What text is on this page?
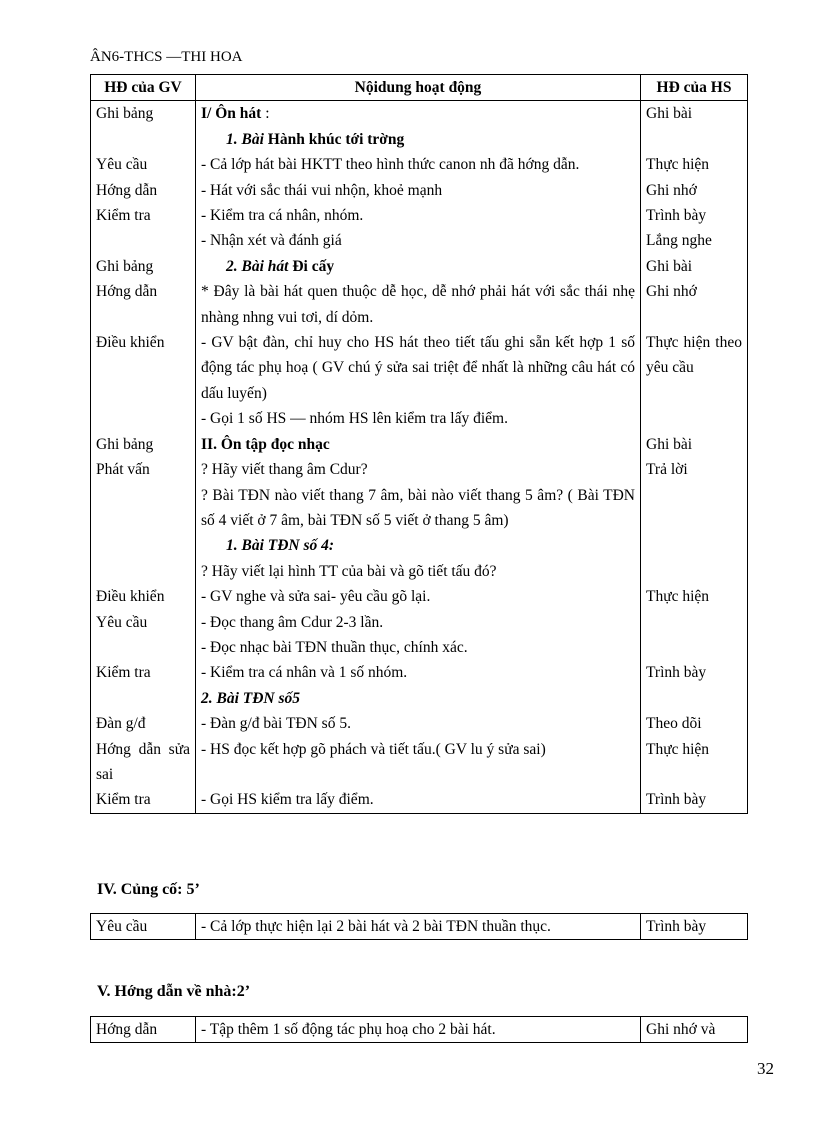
ÂN6-THCS —THI HOA
HĐ của GV	Nộidung hoạt động	HĐ của HS
Ghi bảng	I/ Ôn hát :	Ghi bài
	1. Bài Hành khúc tới trờng	
Yêu cầu	- Cả lớp hát bài HKTT theo hình thức canon nh đã hớng dẫn.	Thực hiện
Hớng dẫn	- Hát với sắc thái vui nhộn, khoẻ mạnh	Ghi nhớ
Kiểm tra	- Kiểm tra cá nhân, nhóm.	Trình bày
	- Nhận xét và đánh giá	Lắng nghe
Ghi bảng	2. Bài hát Đi cấy	Ghi bài
Hớng dẫn	* Đây là bài hát quen thuộc dễ học, dễ nhớ phải hát với sắc thái nhẹ nhàng nhng vui tơi, dí dỏm.	Ghi nhớ
Điều khiển	- GV bật đàn, chỉ huy cho HS hát theo tiết tấu ghi sẵn kết hợp 1 số động tác phụ hoạ ( GV chú ý sửa sai triệt để nhất là những câu hát có dấu luyến)	Thực hiện theo yêu cầu
	- Gọi 1 số HS — nhóm HS lên kiểm tra lấy điểm.	
Ghi bảng	II. Ôn tập đọc nhạc	Ghi bài
Phát vấn	? Hãy viết thang âm Cdur?	Trả lời
	? Bài TĐN nào viết thang 7 âm, bài nào viết thang 5 âm? ( Bài TĐN số 4 viết ở 7 âm, bài TĐN số 5 viết ở thang 5 âm)	
	1. Bài TĐN số 4:	
	? Hãy viết lại hình TT của bài và gõ tiết tấu đó?	
Điều khiển	- GV nghe và sửa sai- yêu cầu gõ lại.	Thực hiện
Yêu cầu	- Đọc thang âm Cdur 2-3 lần.	
	- Đọc nhạc bài TĐN thuần thục, chính xác.	
Kiểm tra	- Kiểm tra cá nhân và 1 số nhóm.	Trình bày
	2. Bài TĐN số5	
Đàn g/đ	- Đàn g/đ bài TĐN số 5.	Theo dõi
Hớng dẫn sửa sai	- HS đọc kết hợp gõ phách và tiết tấu.( GV lu ý sửa sai)	Thực hiện
Kiểm tra	- Gọi HS kiểm tra lấy điểm.	Trình bày
IV. Củng cố: 5’
Yêu cầu	- Cả lớp thực hiện lại 2 bài hát và 2 bài TĐN thuần thục.	Trình bày
V. Hớng dẫn về nhà:2’
Hớng dẫn	- Tập thêm 1 số động tác phụ hoạ cho 2 bài hát.	Ghi nhớ và
32
